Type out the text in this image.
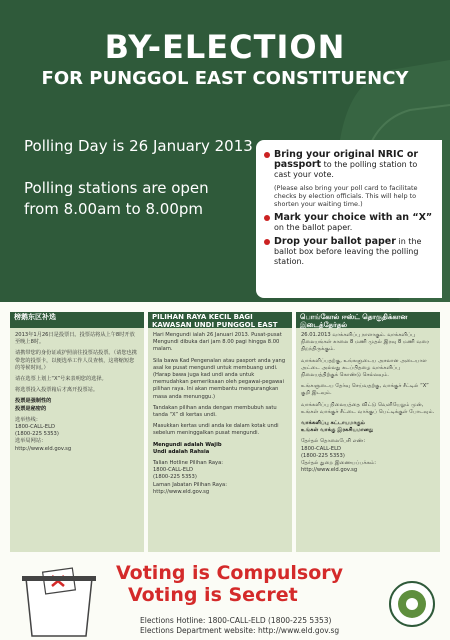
BY-ELECTION
FOR PUNGGOL EAST CONSTITUENCY
Polling Day is 26 January 2013
Polling stations are open
from 8.00am to 8.00pm
Bring your original NRIC or passport to the polling station to cast your vote.
(Please also bring your poll card to facilitate checks by election officials. This will help to shorten your waiting time.)
Mark your choice with an “X” on the ballot paper.
Drop your ballot paper in the ballot box before leaving the polling station.
榜鹅东区补选

2013年1月26日是投票日。投票站将从上午8时开放至晚上8时。

请携带您的身份证或护照前往投票站投票。（请您也携带您的投票卡，以便选举工作人员查核，这将缩短您的等候时间。）

请在选票上划上“X”号来表明您的选择。

将选票投入投票箱后才离开投票站。

投票是强制性的

投票是秘密的

选举热线：
1800-CALL-ELD
(1800-225 5353)
选举局网站：
http://www.eld.gov.sg
PILIHAN RAYA KECIL BAGI KAWASAN UNDI PUNGGOL EAST

Hari Mengundi ialah 26 Januari 2013. Pusat-pusat Mengundi dibuka dari jam 8.00 pagi hingga 8.00 malam.

Sila bawa Kad Pengenalan atau pasport anda yang asal ke pusat mengundi untuk membuang undi. (Harap bawa juga kad undi anda untuk memudahkan pemeriksaan oleh pegawai-pegawai pilihan raya. Ini akan membantu mengurangkan masa anda menunggu.)

Tandakan pilihan anda dengan membubuh satu tanda “X” di kertas undi.

Masukkan kertas undi anda ke dalam kotak undi sebelum meninggalkan pusat mengundi.

Mengundi adalah Wajib

Undi adalah Rahsia

Talian Hotline Pilihan Raya:
1800-CALL-ELD
(1800-225 5353)
Laman Jabatan Pilihan Raya:
http://www.eld.gov.sg
பொங்கோல் ஈஸ்ட் தொகுதிக்கான இடைத்தேர்தல்

26.01.2013 வாக்களிப்பு நாளாகும். வாக்களிப்பு நிலையங்கள் காலை 8 மணி முதல் இரவு 8 மணி வரை திறந்திருக்கும்.

வாக்களிப்பதற்கு, உங்களுடைய அசலான அடையாள அட்டை அல்லது கடப்பிதழை வாக்களிப்பு நிலையத்திற்குக் கொண்டு செல்லவும்.

உங்களுடைய தேர்வு செய்வதற்கு, வாக்குச் சீட்டில் “X” குறி இடவும்.

வாக்களிப்பு நிலையத்தை விட்டு வெளியேறும் முன், உங்கள் வாக்குச் சீட்டை வாக்குப் பெட்டிக்குள் போடவும்.

வாக்களிப்பு கட்டாயமாகும்

உங்கள் வாக்கு இரகசியமானது

தேர்தல் தொலைபேசி எண்:
1800-CALL-ELD
(1800-225 5353)
தேர்தல் துறை இணையப்பக்கம்:
http://www.eld.gov.sg
Voting is Compulsory
Voting is Secret
Elections Hotline: 1800-CALL-ELD (1800-225 5353)
Elections Department website: http://www.eld.gov.sg
